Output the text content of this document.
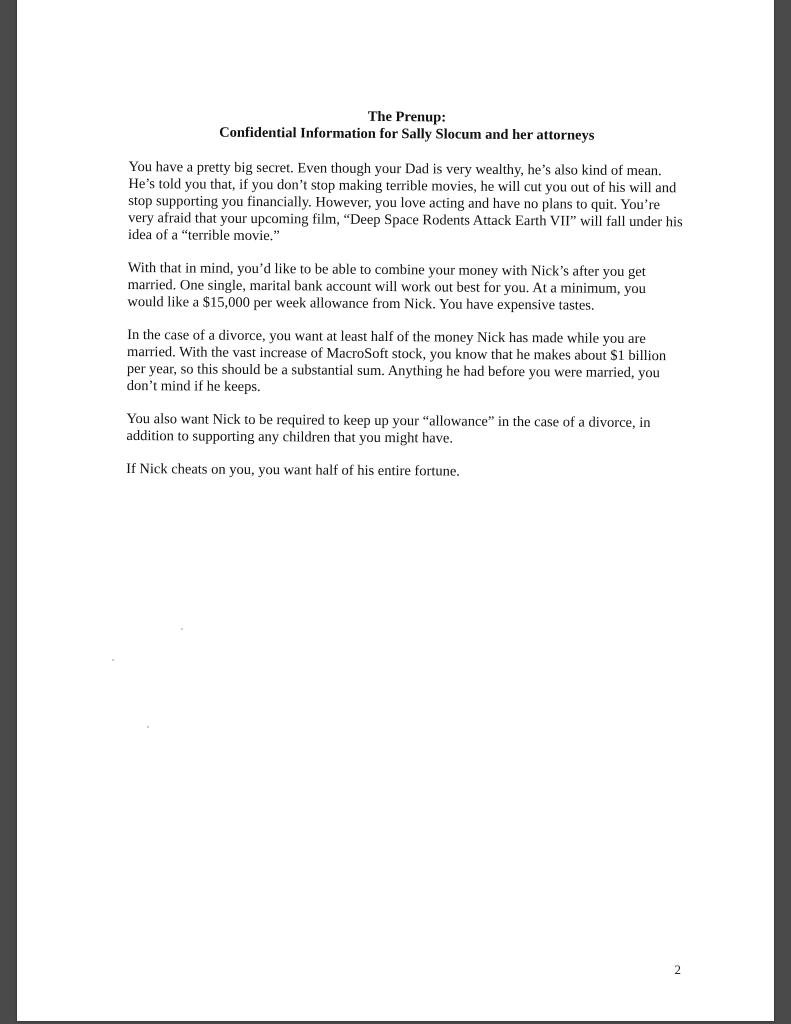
The Prenup:

Confidential Information for Sally Slocum and her attorneys

You have a pretty big secret. Even though your Dad is very wealthy, he’s also kind of mean. He’s told you that, if you don’t stop making terrible movies, he will cut you out of his will and stop supporting you financially. However, you love acting and have no plans to quit. You’re very afraid that your upcoming film, “Deep Space Rodents Attack Earth VII” will fall under his idea of a “terrible movie.”

With that in mind, you’d like to be able to combine your money with Nick’s after you get married. One single, marital bank account will work out best for you. At a minimum, you would like a $15,000 per week allowance from Nick. You have expensive tastes.

In the case of a divorce, you want at least half of the money Nick has made while you are married. With the vast increase of MacroSoft stock, you know that he makes about $1 billion per year, so this should be a substantial sum. Anything he had before you were married, you don’t mind if he keeps.

You also want Nick to be required to keep up your “allowance” in the case of a divorce, in addition to supporting any children that you might have.

If Nick cheats on you, you want half of his entire fortune.

2
